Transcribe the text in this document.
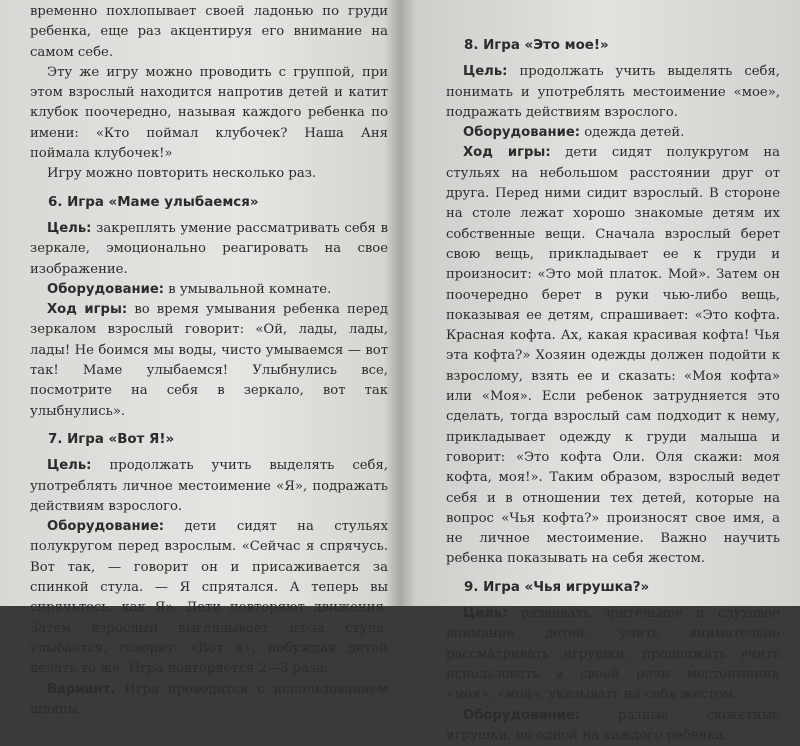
временно похлопывает своей ладонью по груди ребенка, еще раз акцентируя его внимание на самом себе.

Эту же игру можно проводить с группой, при этом взрослый находится напротив детей и катит клубок поочередно, называя каждого ребенка по имени: «Кто поймал клубочек? Наша Аня поймала клубочек!»

Игру можно повторить несколько раз.

6. Игра «Маме улыбаемся»

Цель: закреплять умение рассматривать себя в зеркале, эмоционально реагировать на свое изображение.

Оборудование: в умывальной комнате.

Ход игры: во время умывания ребенка перед зеркалом взрослый говорит: «Ой, лады, лады, лады! Не боимся мы воды, чисто умываемся — вот так! Маме улыбаемся! Улыбнулись все, посмотрите на себя в зеркало, вот так улыбнулись».

7. Игра «Вот Я!»

Цель: продолжать учить выделять себя, употреблять личное местоимение «Я», подражать действиям взрослого.

Оборудование: дети сидят на стульях полукругом перед взрослым. «Сейчас я спрячусь. Вот так, — говорит он и присаживается за спинкой стула. — Я спрятался. А теперь вы спрячьтесь, как Я». Дети повторяют движения. Затем взрослый выглядывает из-за стула, улыбается, говорит: «Вот я», побуждая детей делать то же. Игра повторяется 2—3 раза.

Вариант. Игра проводится с использованием шляпы.

8. Игра «Это мое!»

Цель: продолжать учить выделять себя, понимать и употреблять местоимение «мое», подражать действиям взрослого.

Оборудование: одежда детей.

Ход игры: дети сидят полукругом на стульях на небольшом расстоянии друг от друга. Перед ними сидит взрослый. В стороне на столе лежат хорошо знакомые детям их собственные вещи. Сначала взрослый берет свою вещь, прикладывает ее к груди и произносит: «Это мой платок. Мой». Затем он поочередно берет в руки чью-либо вещь, показывая ее детям, спрашивает: «Это кофта. Красная кофта. Ах, какая красивая кофта! Чья эта кофта?» Хозяин одежды должен подойти к взрослому, взять ее и сказать: «Моя кофта» или «Моя». Если ребенок затрудняется это сделать, тогда взрослый сам подходит к нему, прикладывает одежду к груди малыша и говорит: «Это кофта Оли. Оля скажи: моя кофта, моя!». Таким образом, взрослый ведет себя и в отношении тех детей, которые на вопрос «Чья кофта?» произносят свое имя, а не личное местоимение. Важно научить ребенка показывать на себя жестом.

9. Игра «Чья игрушка?»

Цель: развивать зрительное и слуховое внимание детей, учить внимательно рассматривать игрушки, продолжать учить использовать в своей речи местоимения «моя», «мой», указывать на себя жестом.

Оборудование: разные сюжетные игрушки, по одной на каждого ребенка.
